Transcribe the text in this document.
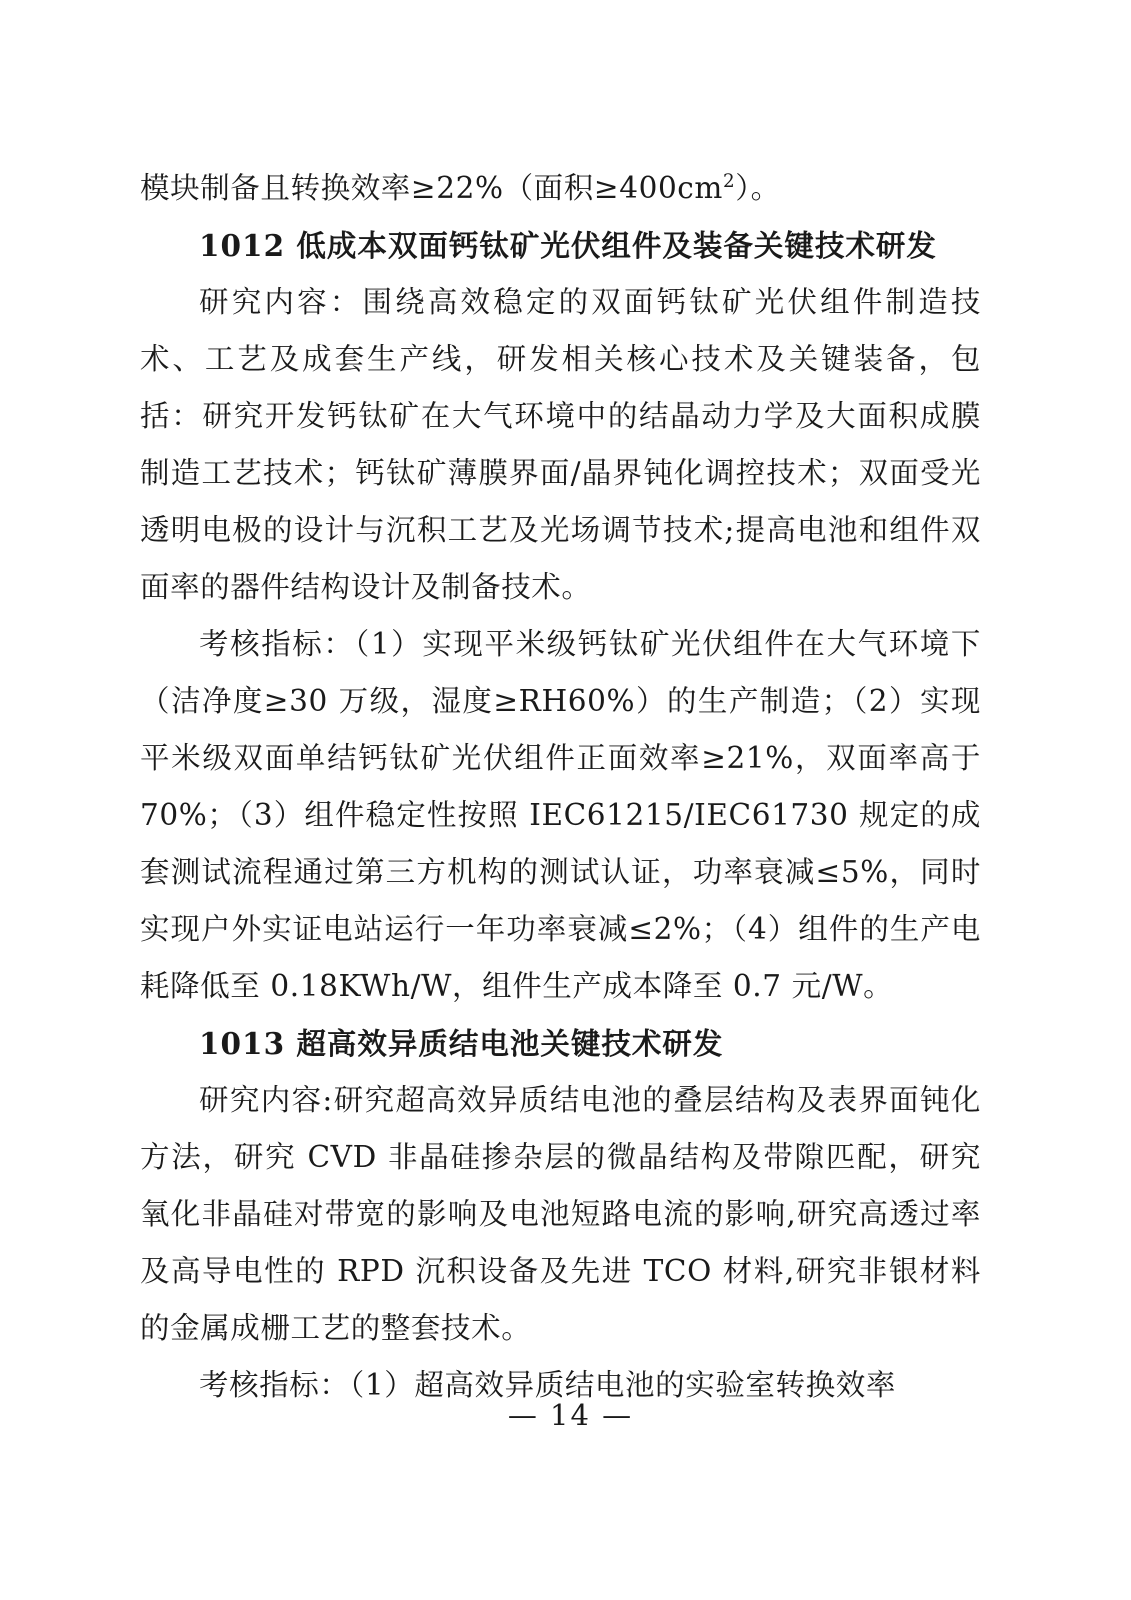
模块制备且转换效率≥22%（面积$\ge 400cm^2$）。

1012 低成本双面钙钛矿光伏组件及装备关键技术研发

研究内容：围绕高效稳定的双面钙钛矿光伏组件制造技术、工艺及成套生产线，研发相关核心技术及关键装备，包括：研究开发钙钛矿在大气环境中的结晶动力学及大面积成膜制造工艺技术；钙钛矿薄膜界面/晶界钝化调控技术；双面受光透明电极的设计与沉积工艺及光场调节技术;提高电池和组件双面率的器件结构设计及制备技术。

考核指标：（1）实现平米级钙钛矿光伏组件在大气环境下（洁净度≥30 万级，湿度≥RH60%）的生产制造；（2）实现平米级双面单结钙钛矿光伏组件正面效率≥21%，双面率高于70%；（3）组件稳定性按照 IEC61215/IEC61730 规定的成套测试流程通过第三方机构的测试认证，功率衰减≤5%，同时实现户外实证电站运行一年功率衰减≤2%；（4）组件的生产电耗降低至 0.18KWh/W，组件生产成本降至 0.7 元/W。

1013 超高效异质结电池关键技术研发

研究内容:研究超高效异质结电池的叠层结构及表界面钝化方法，研究 CVD 非晶硅掺杂层的微晶结构及带隙匹配，研究氧化非晶硅对带宽的影响及电池短路电流的影响,研究高透过率及高导电性的 RPD 沉积设备及先进 TCO 材料,研究非银材料的金属成栅工艺的整套技术。

考核指标：（1）超高效异质结电池的实验室转换效率

— 14 —
